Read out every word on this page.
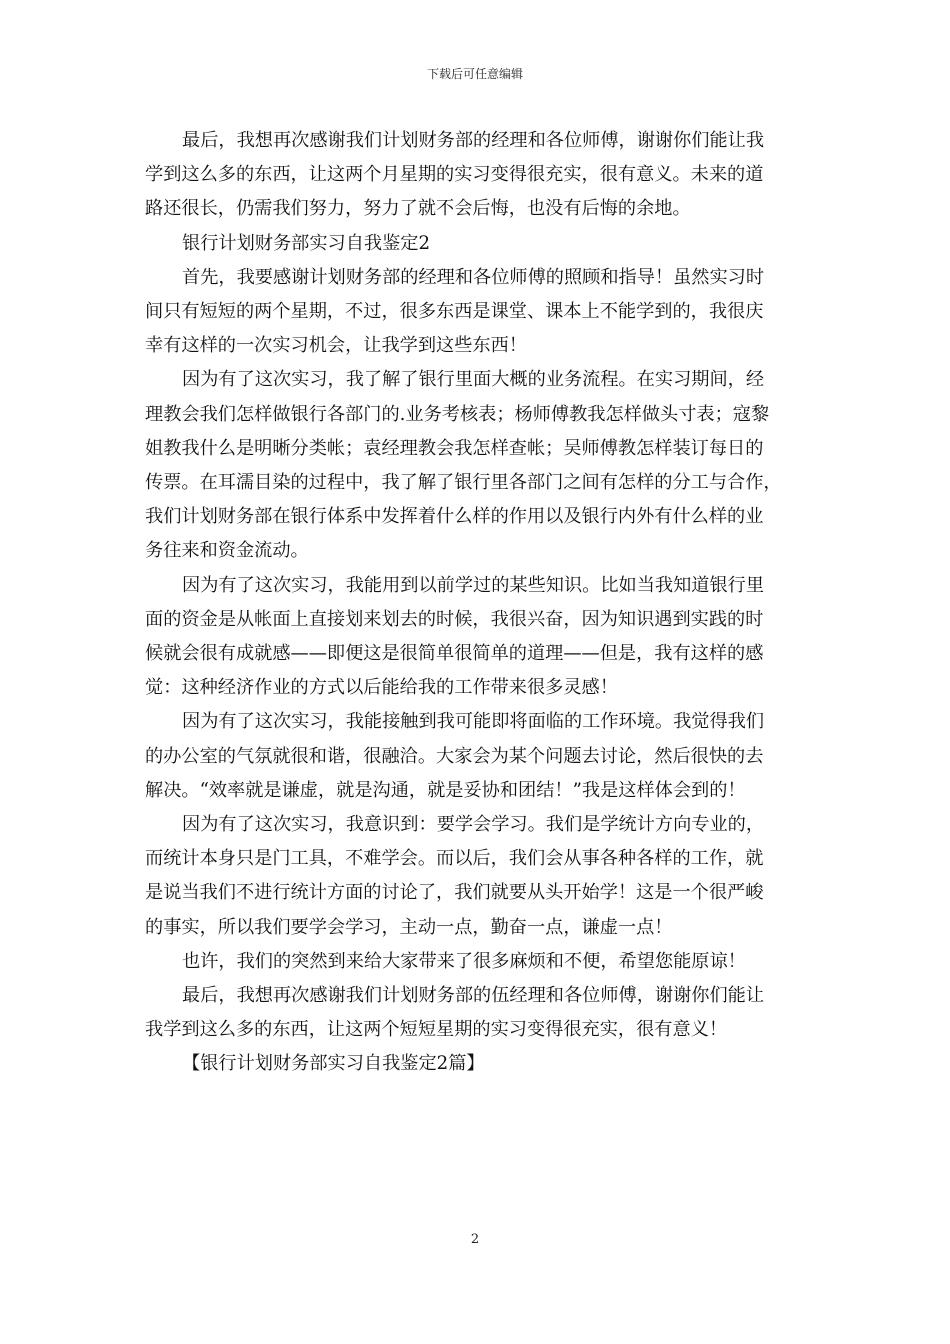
下载后可任意编辑

最后，我想再次感谢我们计划财务部的经理和各位师傅，谢谢你们能让我
学到这么多的东西，让这两个月星期的实习变得很充实，很有意义。未来的道
路还很长，仍需我们努力，努力了就不会后悔，也没有后悔的余地。

银行计划财务部实习自我鉴定2

首先，我要感谢计划财务部的经理和各位师傅的照顾和指导！虽然实习时
间只有短短的两个星期，不过，很多东西是课堂、课本上不能学到的，我很庆
幸有这样的一次实习机会，让我学到这些东西！

因为有了这次实习，我了解了银行里面大概的业务流程。在实习期间，经
理教会我们怎样做银行各部门的.业务考核表；杨师傅教我怎样做头寸表；寇黎
姐教我什么是明晰分类帐；袁经理教会我怎样查帐；吴师傅教怎样装订每日的
传票。在耳濡目染的过程中，我了解了银行里各部门之间有怎样的分工与合作，
我们计划财务部在银行体系中发挥着什么样的作用以及银行内外有什么样的业
务往来和资金流动。

因为有了这次实习，我能用到以前学过的某些知识。比如当我知道银行里
面的资金是从帐面上直接划来划去的时候，我很兴奋，因为知识遇到实践的时
候就会很有成就感——即便这是很简单很简单的道理——但是，我有这样的感
觉：这种经济作业的方式以后能给我的工作带来很多灵感！

因为有了这次实习，我能接触到我可能即将面临的工作环境。我觉得我们
的办公室的气氛就很和谐，很融洽。大家会为某个问题去讨论，然后很快的去
解决。“效率就是谦虚，就是沟通，就是妥协和团结！”我是这样体会到的！

因为有了这次实习，我意识到：要学会学习。我们是学统计方向专业的，
而统计本身只是门工具，不难学会。而以后，我们会从事各种各样的工作，就
是说当我们不进行统计方面的讨论了，我们就要从头开始学！这是一个很严峻
的事实，所以我们要学会学习，主动一点，勤奋一点，谦虚一点！

也许，我们的突然到来给大家带来了很多麻烦和不便，希望您能原谅！

最后，我想再次感谢我们计划财务部的伍经理和各位师傅，谢谢你们能让
我学到这么多的东西，让这两个短短星期的实习变得很充实，很有意义！

【银行计划财务部实习自我鉴定2篇】

2
